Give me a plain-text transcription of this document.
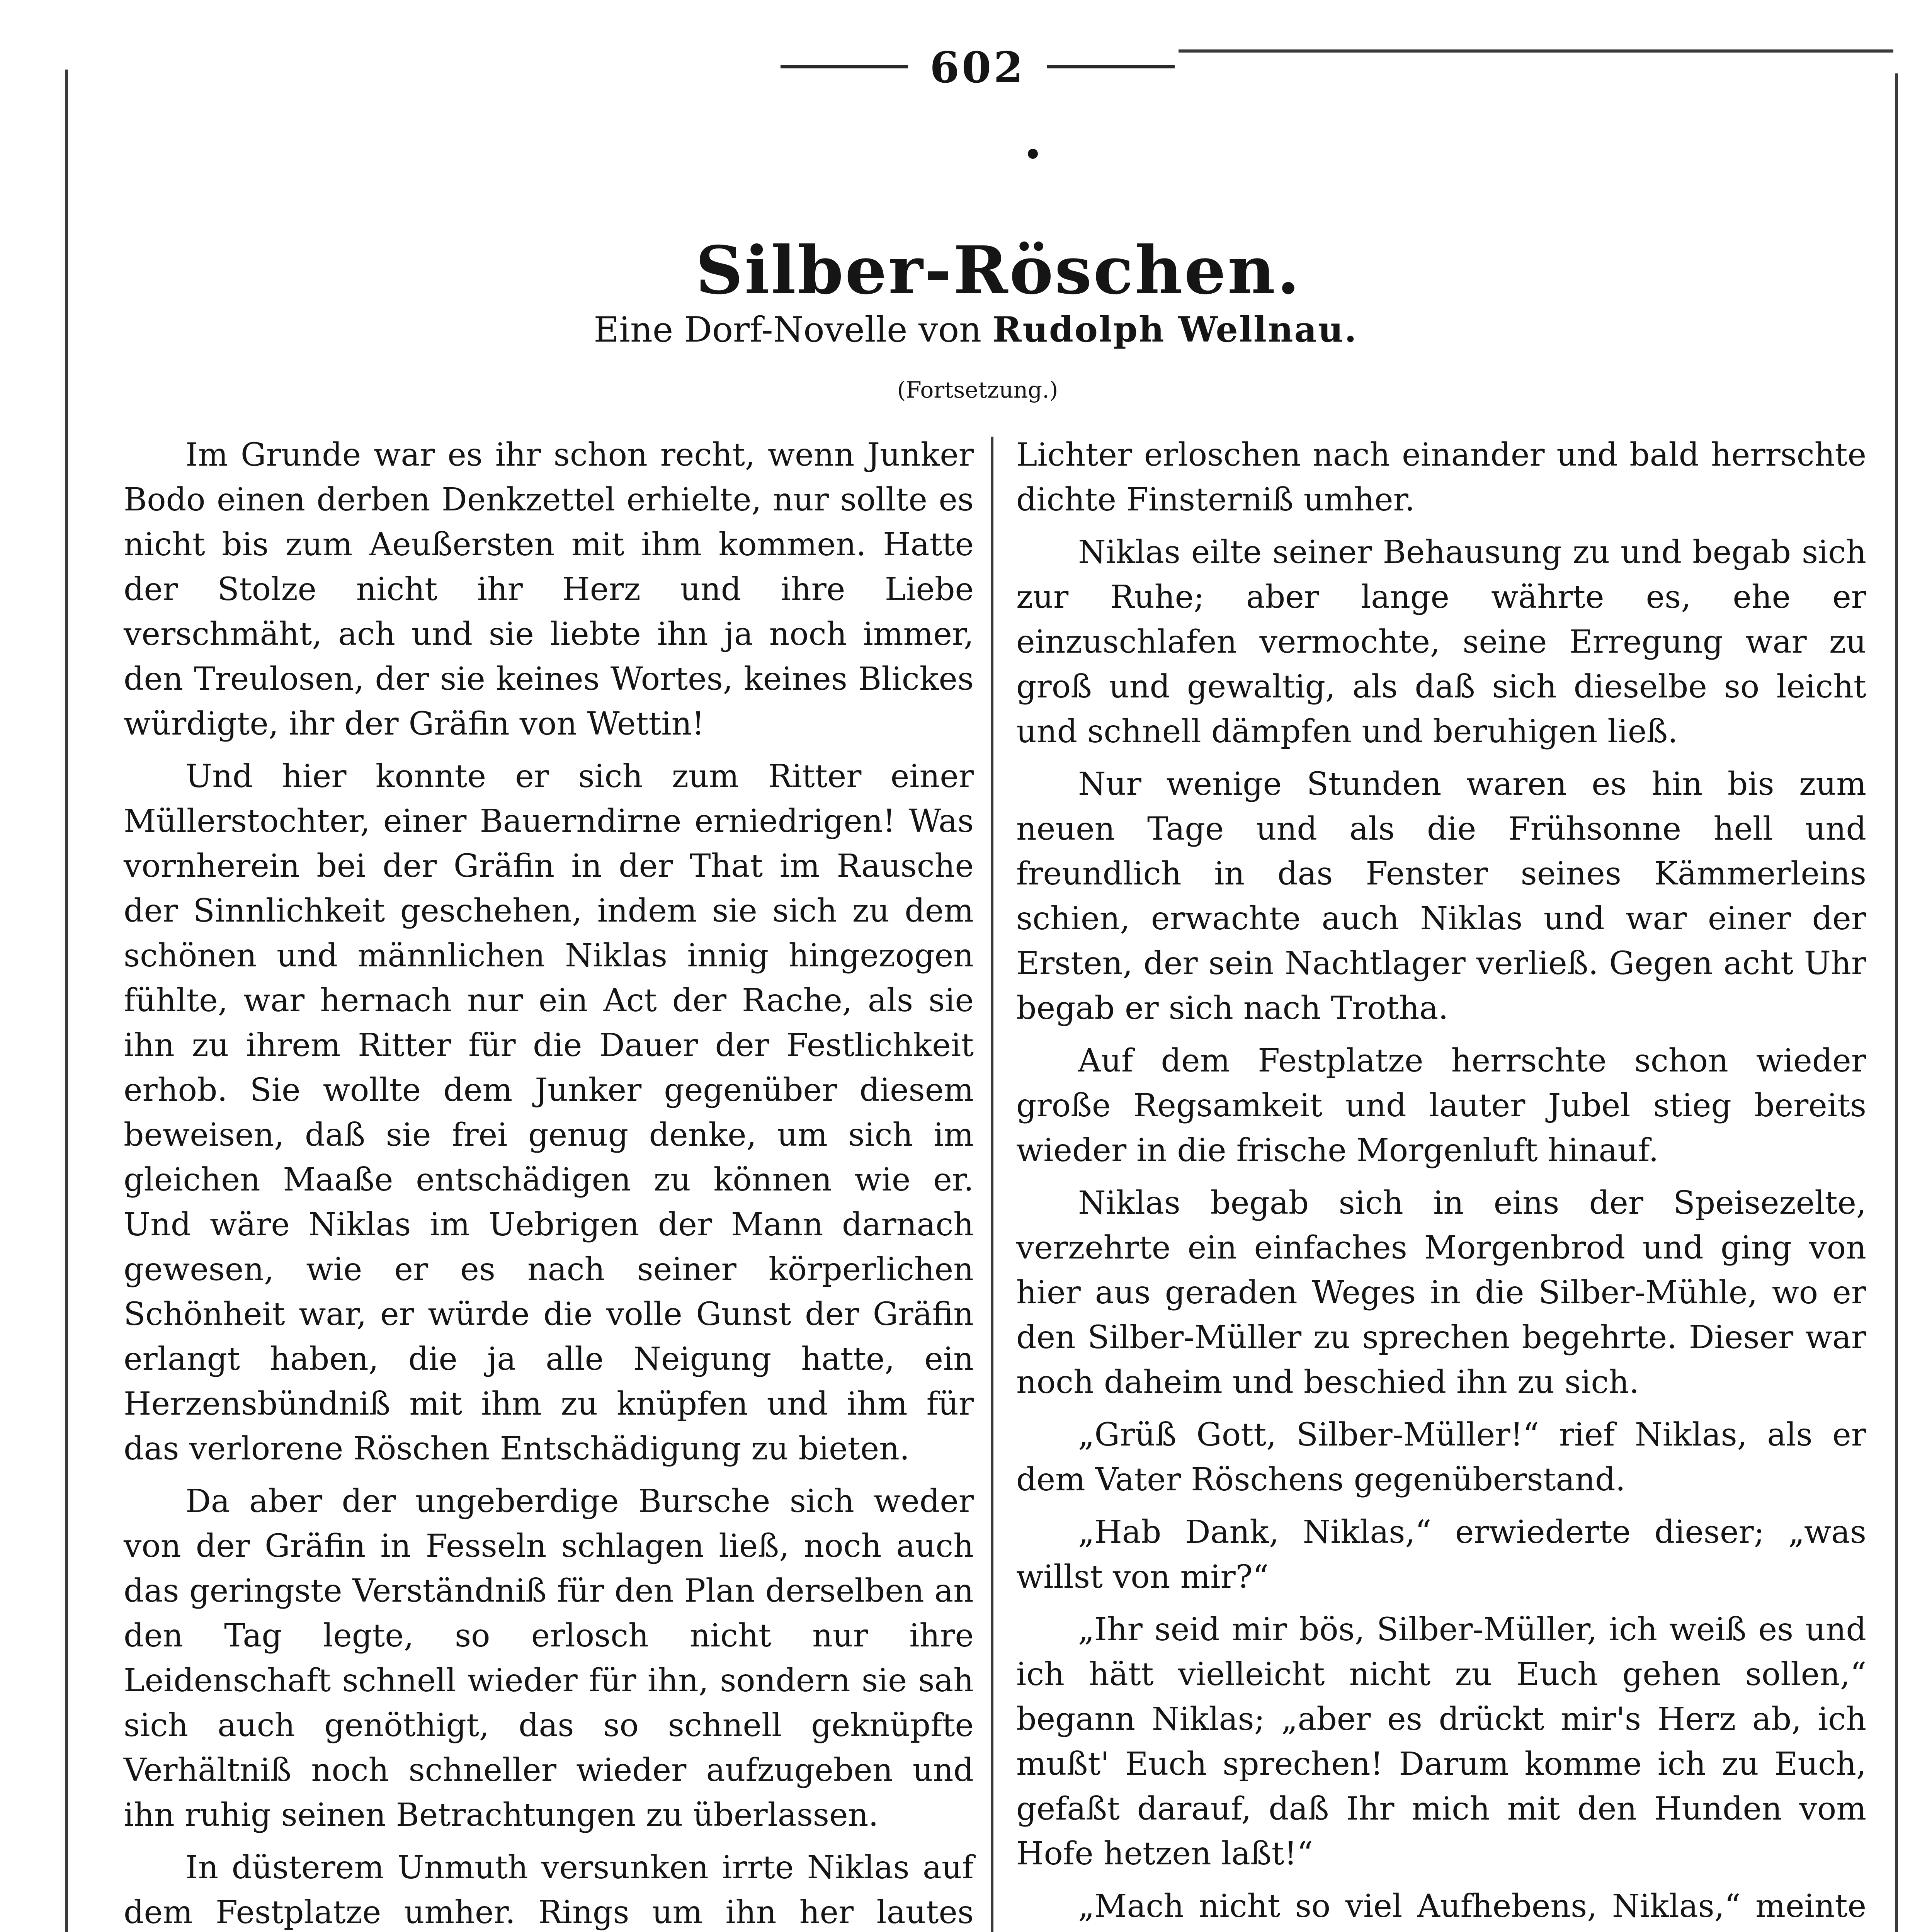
602
Silber-Röschen.
Eine Dorf-Novelle von Rudolph Wellnau.
(Fortsetzung.)

Im Grunde war es ihr schon recht, wenn Junker Bodo einen derben Denkzettel erhielte, nur sollte es nicht bis zum Aeußersten mit ihm kommen. Hatte der Stolze nicht ihr Herz und ihre Liebe verschmäht, ach und sie liebte ihn ja noch immer, den Treulosen, der sie keines Wortes, keines Blickes würdigte, ihr der Gräfin von Wettin!

Und hier konnte er sich zum Ritter einer Müllerstochter, einer Bauerndirne erniedrigen! Was vornherein bei der Gräfin in der That im Rausche der Sinnlichkeit geschehen, indem sie sich zu dem schönen und männlichen Niklas innig hingezogen fühlte, war hernach nur ein Act der Rache, als sie ihn zu ihrem Ritter für die Dauer der Festlichkeit erhob. Sie wollte dem Junker gegenüber diesem beweisen, daß sie frei genug denke, um sich im gleichen Maaße entschädigen zu können wie er. Und wäre Niklas im Uebrigen der Mann darnach gewesen, wie er es nach seiner körperlichen Schönheit war, er würde die volle Gunst der Gräfin erlangt haben, die ja alle Neigung hatte, ein Herzensbündniß mit ihm zu knüpfen und ihm für das verlorene Röschen Entschädigung zu bieten.

Da aber der ungeberdige Bursche sich weder von der Gräfin in Fesseln schlagen ließ, noch auch das geringste Verständniß für den Plan derselben an den Tag legte, so erlosch nicht nur ihre Leidenschaft schnell wieder für ihn, sondern sie sah sich auch genöthigt, das so schnell geknüpfte Verhältniß noch schneller wieder aufzugeben und ihn ruhig seinen Betrachtungen zu überlassen.

In düsterem Unmuth versunken irrte Niklas auf dem Festplatze umher. Rings um ihn her lautes

Lichter erloschen nach einander und bald herrschte dichte Finsterniß umher.

Niklas eilte seiner Behausung zu und begab sich zur Ruhe; aber lange währte es, ehe er einzuschlafen vermochte, seine Erregung war zu groß und gewaltig, als daß sich dieselbe so leicht und schnell dämpfen und beruhigen ließ.

Nur wenige Stunden waren es hin bis zum neuen Tage und als die Frühsonne hell und freundlich in das Fenster seines Kämmerleins schien, erwachte auch Niklas und war einer der Ersten, der sein Nachtlager verließ. Gegen acht Uhr begab er sich nach Trotha.

Auf dem Festplatze herrschte schon wieder große Regsamkeit und lauter Jubel stieg bereits wieder in die frische Morgenluft hinauf.

Niklas begab sich in eins der Speisezelte, verzehrte ein einfaches Morgenbrod und ging von hier aus geraden Weges in die Silber-Mühle, wo er den Silber-Müller zu sprechen begehrte. Dieser war noch daheim und beschied ihn zu sich.

„Grüß Gott, Silber-Müller!“ rief Niklas, als er dem Vater Röschens gegenüberstand.

„Hab Dank, Niklas,“ erwiederte dieser; „was willst von mir?“

„Ihr seid mir bös, Silber-Müller, ich weiß es und ich hätt vielleicht nicht zu Euch gehen sollen,“ begann Niklas; „aber es drückt mir's Herz ab, ich mußt' Euch sprechen! Darum komme ich zu Euch, gefaßt darauf, daß Ihr mich mit den Hunden vom Hofe hetzen laßt!“

„Mach nicht so viel Aufhebens, Niklas,“ meinte
